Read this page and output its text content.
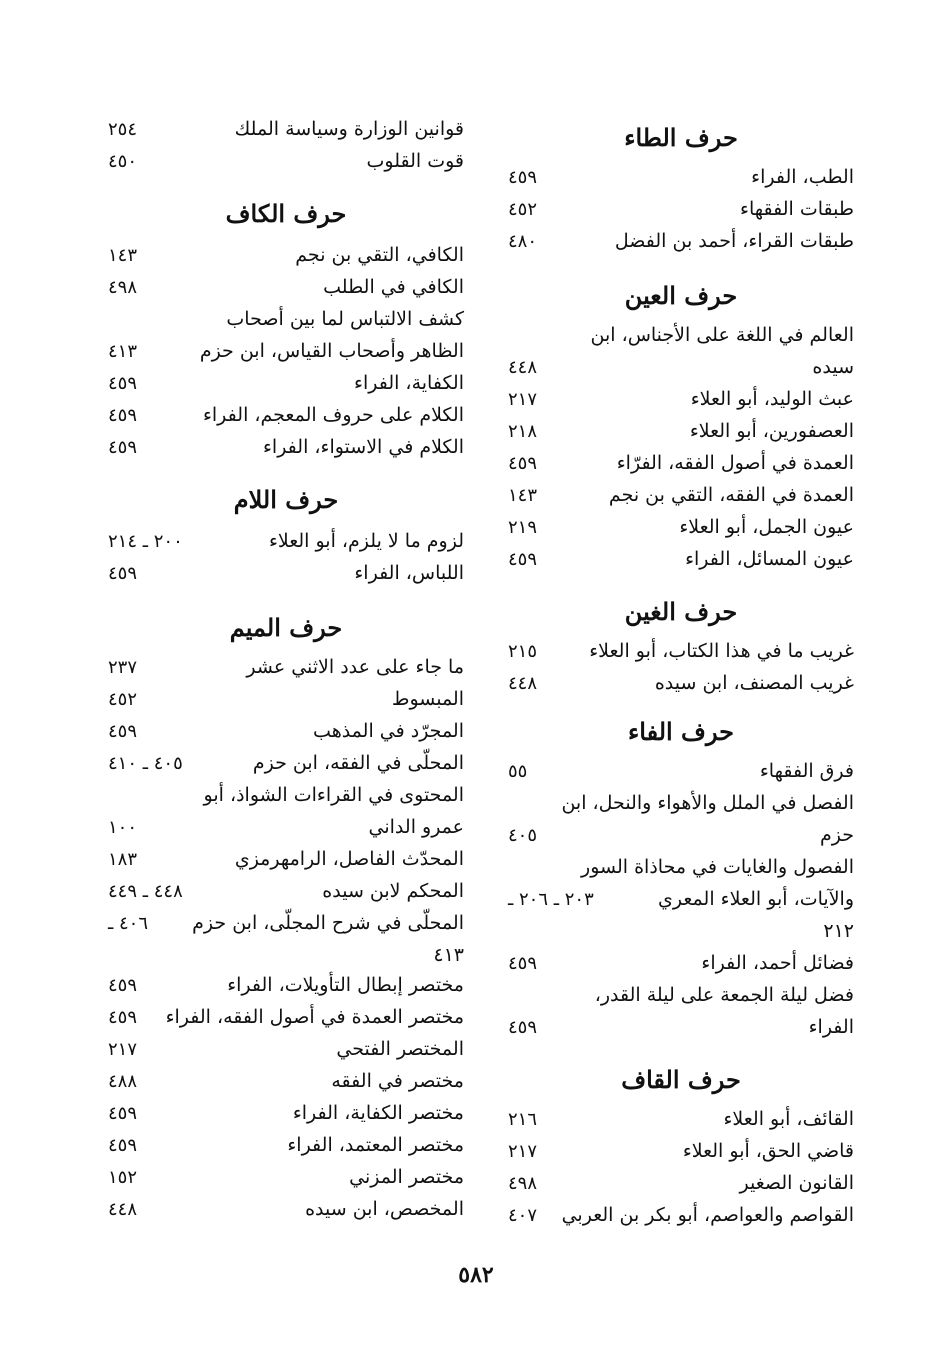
حرف الطاء
الطب، الفراء
٤٥٩
طبقات الفقهاء
٤٥٢
طبقات القراء، أحمد بن الفضل
٤٨٠
حرف العين
العالم في اللغة على الأجناس، ابن
سيده
٤٤٨
عبث الوليد، أبو العلاء
٢١٧
العصفورين، أبو العلاء
٢١٨
العمدة في أصول الفقه، الفرّاء
٤٥٩
العمدة في الفقه، التقي بن نجم
١٤٣
عيون الجمل، أبو العلاء
٢١٩
عيون المسائل، الفراء
٤٥٩
حرف الغين
غريب ما في هذا الكتاب، أبو العلاء
٢١٥
غريب المصنف، ابن سيده
٤٤٨
حرف الفاء
فرق الفقهاء
٥٥
الفصل في الملل والأهواء والنحل، ابن
حزم
٤٠٥
الفصول والغايات في محاذاة السور
والآيات، أبو العلاء المعري
٢٠٣ ـ ٢٠٦ ـ
٢١٢
فضائل أحمد، الفراء
٤٥٩
فضل ليلة الجمعة على ليلة القدر،
الفراء
٤٥٩
حرف القاف
القائف، أبو العلاء
٢١٦
قاضي الحق، أبو العلاء
٢١٧
القانون الصغير
٤٩٨
القواصم والعواصم، أبو بكر بن العربي
٤٠٧
قوانين الوزارة وسياسة الملك
٢٥٤
قوت القلوب
٤٥٠
حرف الكاف
الكافي، التقي بن نجم
١٤٣
الكافي في الطلب
٤٩٨
كشف الالتباس لما بين أصحاب
الظاهر وأصحاب القياس، ابن حزم
٤١٣
الكفاية، الفراء
٤٥٩
الكلام على حروف المعجم، الفراء
٤٥٩
الكلام في الاستواء، الفراء
٤٥٩
حرف اللام
لزوم ما لا يلزم، أبو العلاء
٢٠٠ ـ ٢١٤
اللباس، الفراء
٤٥٩
حرف الميم
ما جاء على عدد الاثني عشر
٢٣٧
المبسوط
٤٥٢
المجرّد في المذهب
٤٥٩
المحلّى في الفقه، ابن حزم
٤٠٥ ـ ٤١٠
المحتوى في القراءات الشواذ، أبو
عمرو الداني
١٠٠
المحدّث الفاصل، الرامهرمزي
١٨٣
المحكم لابن سيده
٤٤٨ ـ ٤٤٩
المحلّى في شرح المجلّى، ابن حزم
٤٠٦ ـ
٤١٣
مختصر إبطال التأويلات، الفراء
٤٥٩
مختصر العمدة في أصول الفقه، الفراء
٤٥٩
المختصر الفتحي
٢١٧
مختصر في الفقه
٤٨٨
مختصر الكفاية، الفراء
٤٥٩
مختصر المعتمد، الفراء
٤٥٩
مختصر المزني
١٥٢
المخصص، ابن سيده
٤٤٨
٥٨٢
